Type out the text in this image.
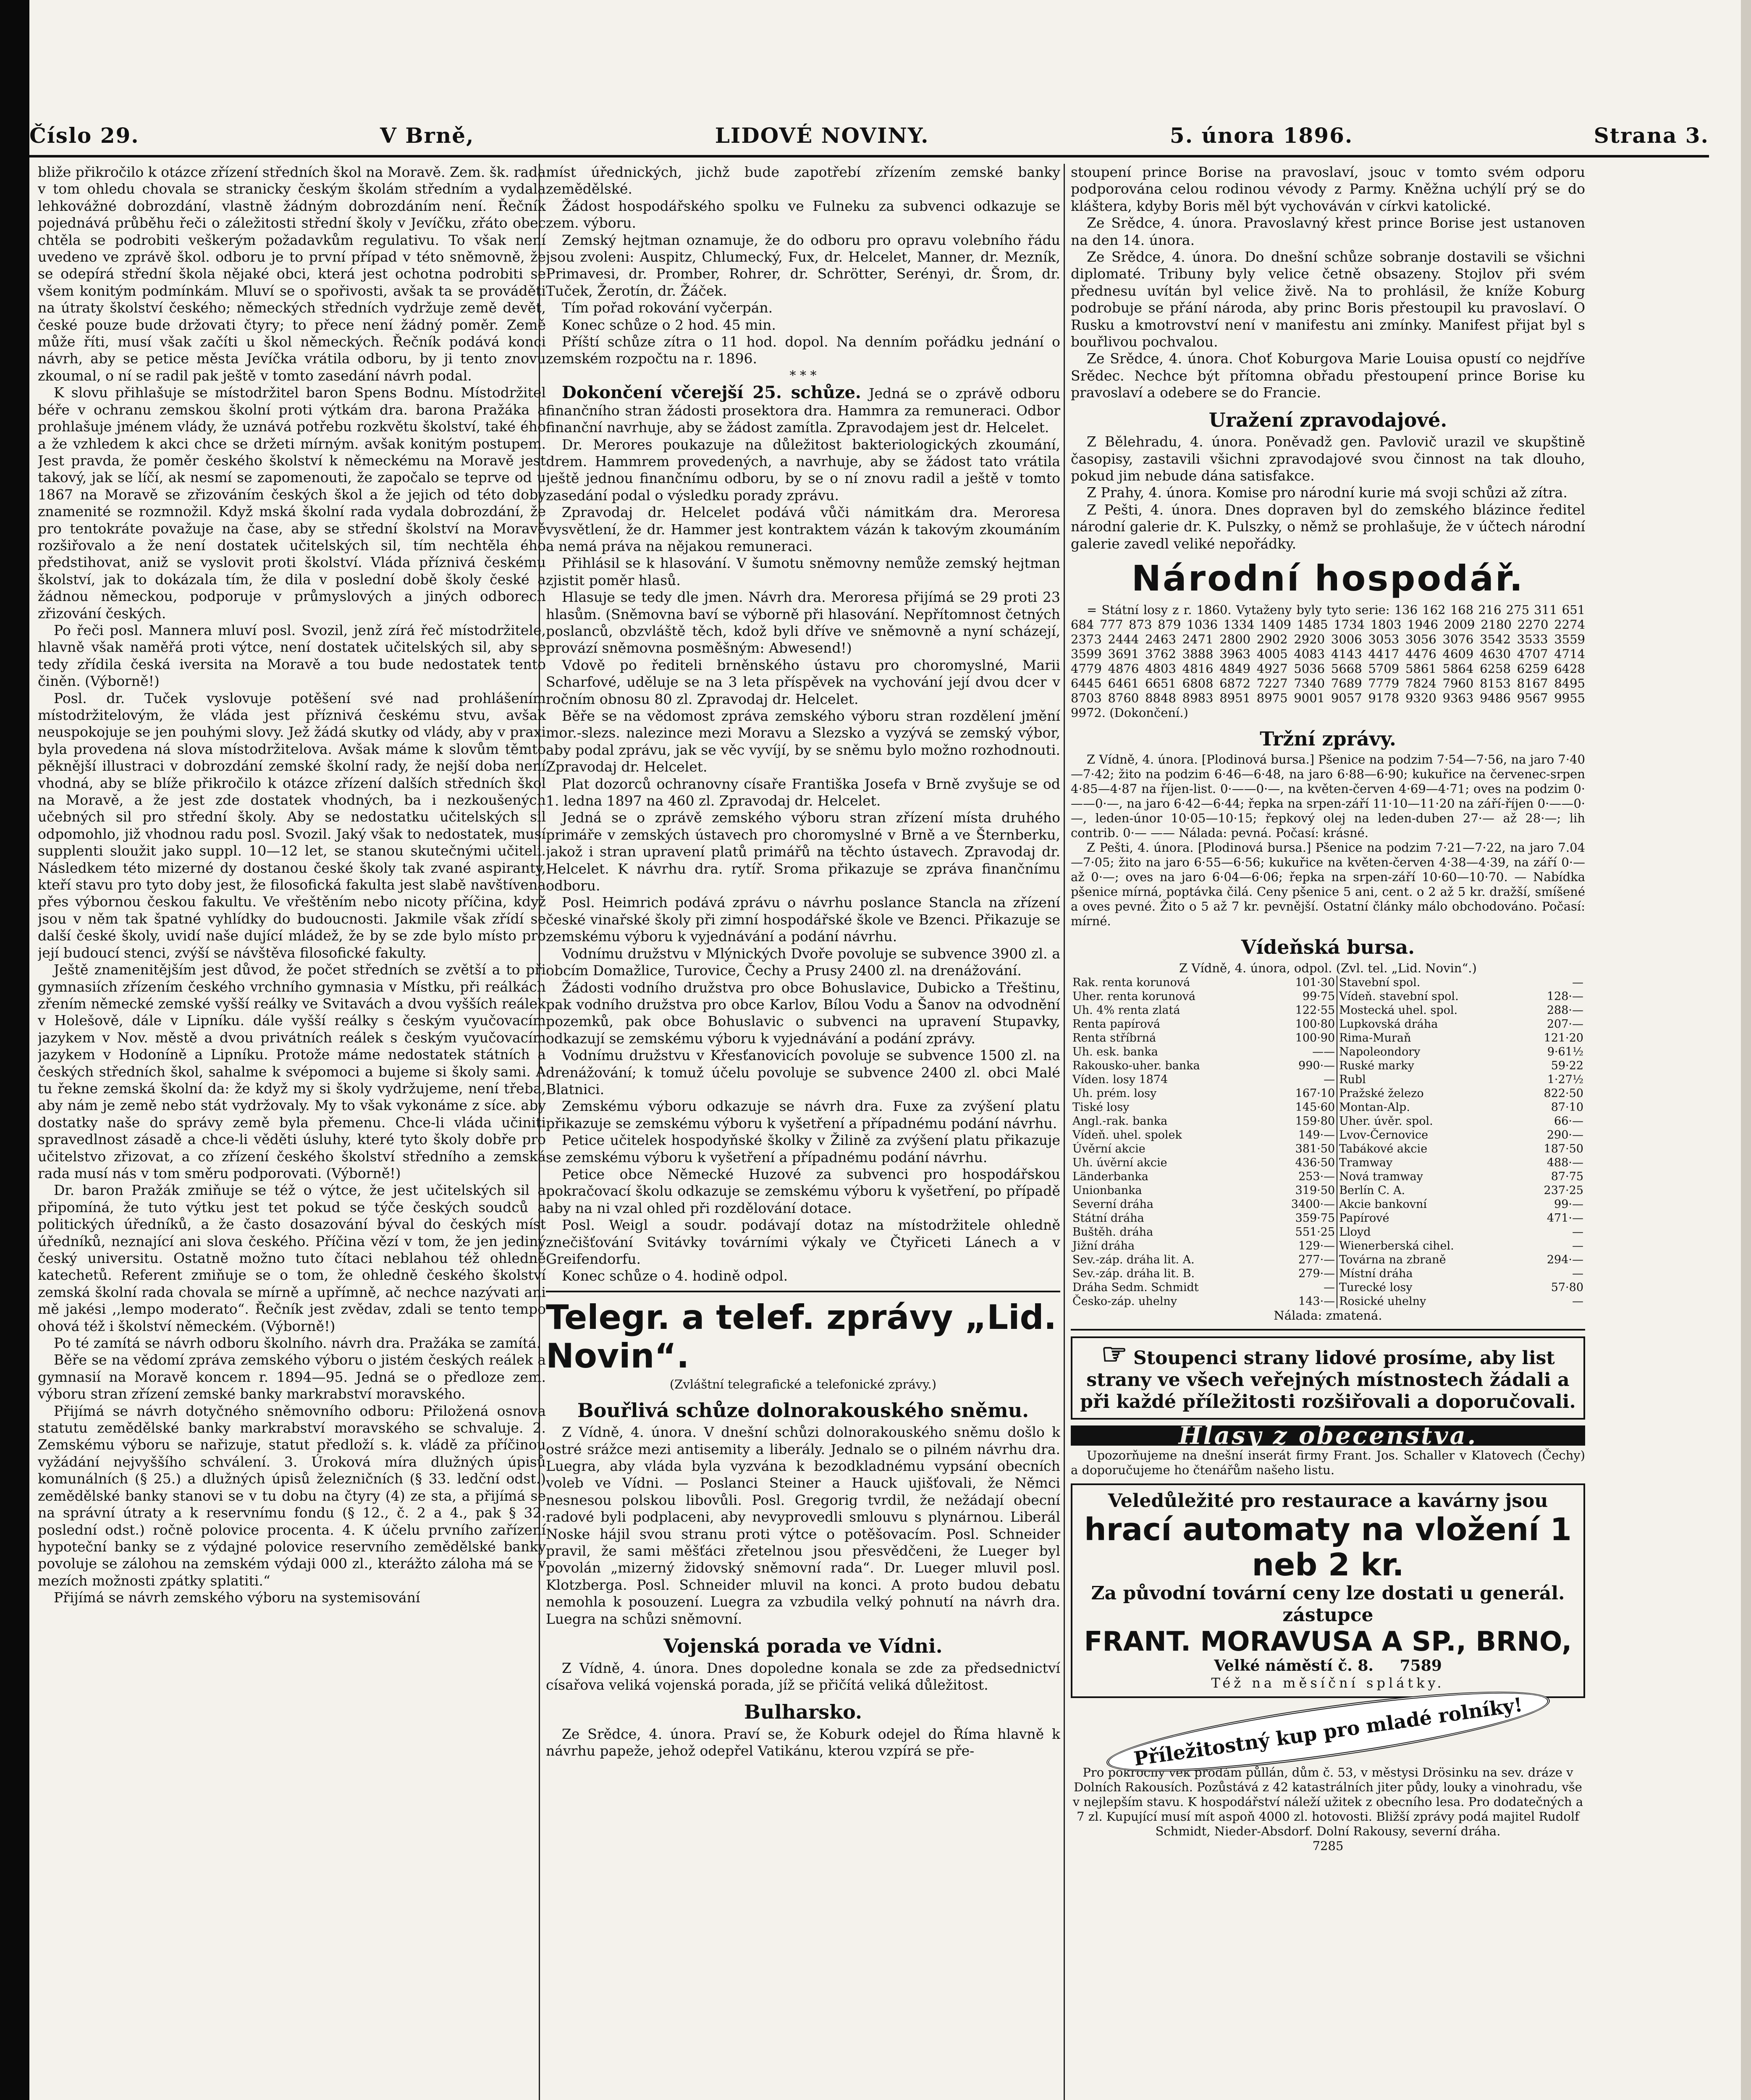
Číslo 29.	V Brně,	LIDOVÉ NOVINY.	5. února 1896.	Strana 3.

bliže přikročilo k otázce zřízení středních škol na Moravě. Zem. šk. rada v tom ohledu chovala se stranicky českým školám středním a vydala lehkovážné dobrozdání, vlastně žádným dobrozdáním není. Řečník pojednává průběhu řeči o záležitosti střední školy v Jevíčku, zřáto obec chtěla se podrobiti veškerým požadavkům regulativu. To však není uvedeno ve zprávě škol. odboru je to první případ v této sněmovně, že se odepírá střední škola nějaké obci, která jest ochotna podrobiti se všem konitým podmínkám. Mluví se o spořivosti, avšak ta se prováděti na útraty školství českého; německých středních vydržuje země devět, české pouze bude držovati čtyry; to přece není žádný poměr. Země může říti, musí však začíti u škol německých. Řečník podává konci návrh, aby se petice města Jevíčka vrátila odboru, by ji tento znovu zkoumal, o ní se radil pak ještě v tomto zasedání návrh podal.

K slovu přihlašuje se místodržitel baron Spens Bodnu. Místodržitel béře v ochranu zemskou školní proti výtkám dra. barona Pražáka a prohlašuje jménem vlády, že uznává potřebu rozkvětu školství, také ého a že vzhledem k akci chce se držeti mírným. avšak konitým postupem. Jest pravda, že poměr českého školství k německému na Moravě jest takový, jak se líčí, ak nesmí se zapomenouti, že započalo se teprve od u 1867 na Moravě se zřizováním českých škol a že jejich od této doby znamenité se rozmnožil. Když mská školní rada vydala dobrozdání, že pro tentokráte považuje na čase, aby se střední školství na Moravě rozšiřovalo a že není dostatek učitelských sil, tím nechtěla ého předstihovat, aniž se vyslovit proti školství. Vláda příznivá českému školství, jak to dokázala tím, že dila v poslední době školy české a žádnou německou, podporuje v průmyslových a jiných odborech zřizování českých.

Po řeči posl. Mannera mluví posl. Svozil, jenž zírá řeč místodržitele, hlavně však naměřá proti výtce, není dostatek učitelských sil, aby se tedy zřídila česká iversita na Moravě a tou bude nedostatek tento činěn. (Výborně!)

Posl. dr. Tuček vyslovuje potěšení své nad prohlášením místodržitelovým, že vláda jest příznivá českému stvu, avšak neuspokojuje se jen pouhými slovy. Jež žádá skutky od vlády, aby v praxi byla provedena ná slova místodržitelova. Avšak máme k slovům těmto pěknější illustraci v dobrozdání zemské školní rady, že nejší doba není vhodná, aby se blíže přikročilo k otázce zřízení dalších středních škol na Moravě, a že jest zde dostatek vhodných, ba i nezkoušených učebných sil pro střední školy. Aby se nedostatku učitelských sil odpomohlo, již vhodnou radu posl. Svozil. Jaký však to nedostatek, musí supplenti sloužit jako suppl. 10—12 let, se stanou skutečnými učiteli. Následkem této mizerné dy dostanou české školy tak zvané aspiranty, kteří stavu pro tyto doby jest, že filosofická fakulta jest slabě navštívena přes výbornou českou fakultu. Ve vřeštěním nebo nicoty příčina, když jsou v něm tak špatné vyhlídky do budoucnosti. Jakmile však zřídí se další české školy, uvidí naše dující mládež, že by se zde bylo místo pro její budoucí stenci, zvýší se návštěva filosofické fakulty.

Ještě znamenitějším jest důvod, že počet středních se zvětší a to při gymnasiích zřízením českého vrchního gymnasia v Místku, při reálkách zřením německé zemské vyšší reálky ve Svitavách a dvou vyšších reálek v Holešově, dále v Lipníku. dále vyšší reálky s českým vyučovacím jazykem v Nov. městě a dvou privátních reálek s českým vyučovacím jazykem v Hodoníně a Lipníku. Protože máme nedostatek státních a českých středních škol, sahalme k svépomoci a bujeme si školy sami. A tu řekne zemská školní da: že když my si školy vydržujeme, není třeba, aby nám je země nebo stát vydržovaly. My to však vykonáme z síce. aby dostatky naše do správy země byla přemenu. Chce-li vláda učiniti spravedlnost zásadě a chce-li věděti úsluhy, které tyto školy dobře pro učitelstvo zřizovat, a co zřízení českého školství středního a zemská rada musí nás v tom směru podporovati. (Výborně!)

Dr. baron Pražák zmiňuje se též o výtce, že jest učitelských sil a připomíná, že tuto výtku jest tet pokud se týče českých soudců a politických úředníků, a že často dosazování býval do českých míst úředníků, neznající ani slova českého. Příčina vězí v tom, že jen jediný český universitu. Ostatně možno tuto čítaci neblahou též ohledně katechetů. Referent zmiňuje se o tom, že ohledně českého školství zemská školní rada chovala se mírně a upřímně, ač nechce nazývati ani mě jakési ,,lempo moderato“. Řečník jest zvědav, zdali se tento tempo ohová též i školství německém. (Výborně!)

Po té zamítá se návrh odboru školního. návrh dra. Pražáka se zamítá.

Běře se na vědomí zpráva zemského výboru o jistém českých reálek a gymnasií na Moravě koncem r. 1894—95. Jedná se o předloze zem. výboru stran zřízení zemské banky markrabství moravského.

Přijímá se návrh dotyčného sněmovního odboru: Přiložená osnova statutu zemědělské banky markrabství moravského se schvaluje. 2. Zemskému výboru se nařizuje, statut předloží s. k. vládě za příčinou vyžádání nejvyššího schválení. 3. Úroková míra dlužných úpisů komunálních (§ 25.) a dlužných úpisů železničních (§ 33. ledční odst.) zemědělské banky stanovi se v tu dobu na čtyry (4) ze sta, a přijímá se na správní útraty a k reservnímu fondu (§ 12., č. 2 a 4., pak § 32. poslední odst.) ročně polovice procenta. 4. K účelu prvního zařízení hypoteční banky se z výdajné polovice reservního zemědělské banky povoluje se zálohou na zemském výdaji 000 zl., kterážto záloha má se v mezích možnosti zpátky splatiti.“

Přijímá se návrh zemského výboru na systemisování

míst úřednických, jichž bude zapotřebí zřízením zemské banky zemědělské.

Žádost hospodářského spolku ve Fulneku za subvenci odkazuje se zem. výboru.

Zemský hejtman oznamuje, že do odboru pro opravu volebního řádu jsou zvoleni: Auspitz, Chlumecký, Fux, dr. Helcelet, Manner, dr. Mezník, Primavesi, dr. Promber, Rohrer, dr. Schrötter, Serényi, dr. Šrom, dr. Tuček, Žerotín, dr. Žáček.

Tím pořad rokování vyčerpán.

Konec schůze o 2 hod. 45 min.

Příští schůze zítra o 11 hod. dopol. Na denním pořádku jednání o zemském rozpočtu na r. 1896.

* * *

Dokončení včerejší 25. schůze. Jedná se o zprávě odboru finančního stran žádosti prosektora dra. Hammra za remuneraci. Odbor finanční navrhuje, aby se žádost zamítla. Zpravodajem jest dr. Helcelet.

Dr. Merores poukazuje na důležitost bakteriologických zkoumání, drem. Hammrem provedených, a navrhuje, aby se žádost tato vrátila ještě jednou finančnímu odboru, by se o ní znovu radil a ještě v tomto zasedání podal o výsledku porady zprávu.

Zpravodaj dr. Helcelet podává vůči námitkám dra. Meroresa vysvětlení, že dr. Hammer jest kontraktem vázán k takovým zkoumáním a nemá práva na nějakou remuneraci.

Přihlásil se k hlasování. V šumotu sněmovny nemůže zemský hejtman zjistit poměr hlasů.

Hlasuje se tedy dle jmen. Návrh dra. Meroresa přijímá se 29 proti 23 hlasům. (Sněmovna baví se výborně při hlasování. Nepřítomnost četných poslanců, obzvláště těch, kdož byli dříve ve sněmovně a nyní scházejí, provází sněmovna posměšným: Abwesend!)

Vdově po řediteli brněnského ústavu pro choromyslné, Marii Scharfové, uděluje se na 3 leta příspěvek na vychování její dvou dcer v ročním obnosu 80 zl. Zpravodaj dr. Helcelet.

Běře se na vědomost zpráva zemského výboru stran rozdělení jmění mor.-slezs. nalezince mezi Moravu a Slezsko a vyzývá se zemský výbor, aby podal zprávu, jak se věc vyvíjí, by se sněmu bylo možno rozhodnouti. Zpravodaj dr. Helcelet.

Plat dozorců ochranovny císaře Františka Josefa v Brně zvyšuje se od 1. ledna 1897 na 460 zl. Zpravodaj dr. Helcelet.

Jedná se o zprávě zemského výboru stran zřízení místa druhého primáře v zemských ústavech pro choromyslné v Brně a ve Šternberku, jakož i stran upravení platů primářů na těchto ústavech. Zpravodaj dr. Helcelet. K návrhu dra. rytíř. Sroma přikazuje se zpráva finančnímu odboru.

Posl. Heimrich podává zprávu o návrhu poslance Stancla na zřízení české vinařské školy při zimní hospodářské škole ve Bzenci. Přikazuje se zemskému výboru k vyjednávání a podání návrhu.

Vodnímu družstvu v Mlýnických Dvoře povoluje se subvence 3900 zl. a obcím Domažlice, Turovice, Čechy a Prusy 2400 zl. na drenážování.

Žádosti vodního družstva pro obce Bohuslavice, Dubicko a Třeštinu, pak vodního družstva pro obce Karlov, Bílou Vodu a Šanov na odvodnění pozemků, pak obce Bohuslavic o subvenci na upravení Stupavky, odkazují se zemskému výboru k vyjednávání a podání zprávy.

Vodnímu družstvu v Křesťanovicích povoluje se subvence 1500 zl. na drenážování; k tomuž účelu povoluje se subvence 2400 zl. obci Malé Blatnici.

Zemskému výboru odkazuje se návrh dra. Fuxe za zvýšení platu přikazuje se zemskému výboru k vyšetření a případnému podání návrhu.

Petice učitelek hospodyňské školky v Žilině za zvýšení platu přikazuje se zemskému výboru k vyšetření a případnému podání návrhu.

Petice obce Německé Huzové za subvenci pro hospodářskou pokračovací školu odkazuje se zemskému výboru k vyšetření, po případě aby na ni vzal ohled při rozdělování dotace.

Posl. Weigl a soudr. podávají dotaz na místodržitele ohledně znečišťování Svitávky továrními výkaly ve Čtyřiceti Lánech a v Greifendorfu.

Konec schůze o 4. hodině odpol.

Telegr. a telef. zprávy „Lid. Novin“.
(Zvláštní telegrafické a telefonické zprávy.)
Bouřlivá schůze dolnorakouského sněmu.

Z Vídně, 4. února. V dnešní schůzi dolnorakouského sněmu došlo k ostré srážce mezi antisemity a liberály. Jednalo se o pilném návrhu dra. Luegra, aby vláda byla vyzvána k bezodkladnému vypsání obecních voleb ve Vídni. — Poslanci Steiner a Hauck ujišťovali, že Němci nesnesou polskou libovůli. Posl. Gregorig tvrdil, že nežádají obecní radové byli podplaceni, aby nevyprovedli smlouvu s plynárnou. Liberál Noske hájil svou stranu proti výtce o potěšovacím. Posl. Schneider pravil, že sami měšťáci zřetelnou jsou přesvědčeni, že Lueger byl povolán „mizerný židovský sněmovní rada“. Dr. Lueger mluvil posl. Klotzberga. Posl. Schneider mluvil na konci. A proto budou debatu nemohla k posouzení. Luegra za vzbudila velký pohnutí na návrh dra. Luegra na schůzi sněmovní.

Vojenská porada ve Vídni.

Z Vídně, 4. února. Dnes dopoledne konala se zde za předsednictví císařova veliká vojenská porada, jíž se přičítá veliká důležitost.

Bulharsko.

Ze Srědce, 4. února. Praví se, že Koburk odejel do Říma hlavně k návrhu papeže, jehož odepřel Vatikánu, kterou vzpírá se pře-

stoupení prince Borise na pravoslaví, jsouc v tomto svém odporu podporována celou rodinou vévody z Parmy. Kněžna uchýlí prý se do kláštera, kdyby Boris měl být vychováván v církvi katolické.

Ze Srědce, 4. února. Pravoslavný křest prince Borise jest ustanoven na den 14. února.

Ze Srědce, 4. února. Do dnešní schůze sobranje dostavili se všichni diplomaté. Tribuny byly velice četně obsazeny. Stojlov při svém přednesu uvítán byl velice živě. Na to prohlásil, že kníže Koburg podrobuje se přání národa, aby princ Boris přestoupil ku pravoslaví. O Rusku a kmotrovství není v manifestu ani zmínky. Manifest přijat byl s bouřlivou pochvalou.

Ze Srědce, 4. února. Choť Koburgova Marie Louisa opustí co nejdříve Srědec. Nechce být přítomna obřadu přestoupení prince Borise ku pravoslaví a odebere se do Francie.

Uražení zpravodajové.

Z Bělehradu, 4. února. Poněvadž gen. Pavlovič urazil ve skupštině časopisy, zastavili všichni zpravodajové svou činnost na tak dlouho, pokud jim nebude dána satisfakce.

Z Prahy, 4. února. Komise pro národní kurie má svoji schůzi až zítra.

Z Pešti, 4. února. Dnes dopraven byl do zemského blázince ředitel národní galerie dr. K. Pulszky, o němž se prohlašuje, že v účtech národní galerie zavedl veliké nepořádky.

Národní hospodář.

= Státní losy z r. 1860. Vytaženy byly tyto serie: 136 162 168 216 275 311 651 684 777 873 879 1036 1334 1409 1485 1734 1803 1946 2009 2180 2270 2274 2373 2444 2463 2471 2800 2902 2920 3006 3053 3056 3076 3542 3533 3559 3599 3691 3762 3888 3963 4005 4083 4143 4417 4476 4609 4630 4707 4714 4779 4876 4803 4816 4849 4927 5036 5668 5709 5861 5864 6258 6259 6428 6445 6461 6651 6808 6872 7227 7340 7689 7779 7824 7960 8153 8167 8495 8703 8760 8848 8983 8951 8975 9001 9057 9178 9320 9363 9486 9567 9955 9972. (Dokončení.)

Tržní zprávy.

Z Vídně, 4. února. [Plodinová bursa.] Pšenice na podzim 7·54—7·56, na jaro 7·40—7·42; žito na podzim 6·46—6·48, na jaro 6·88—6·90; kukuřice na červenec-srpen 4·85—4·87 na říjen-list. 0·——0·—, na květen-červen 4·69—4·71; oves na podzim 0·——0·—, na jaro 6·42—6·44; řepka na srpen-září 11·10—11·20 na září-říjen 0·——0·—, leden-únor 10·05—10·15; řepkový olej na leden-duben 27·— až 28·—; lih contrib. 0·— —— Nálada: pevná. Počasí: krásné.

Z Pešti, 4. února. [Plodinová bursa.] Pšenice na podzim 7·21—7·22, na jaro 7.04—7·05; žito na jaro 6·55—6·56; kukuřice na květen-červen 4·38—4·39, na září 0·— až 0·—; oves na jaro 6·04—6·06; řepka na srpen-září 10·60—10·70. — Nabídka pšenice mírná, poptávka čilá. Ceny pšenice 5 ani, cent. o 2 až 5 kr. dražší, smíšené a oves pevné. Žito o 5 až 7 kr. pevnější. Ostatní články málo obchodováno. Počasí: mírné.

Vídeňská bursa.
Z Vídně, 4. února, odpol. (Zvl. tel. „Lid. Novin“.)
Rak. renta korunová	101·30	Stavební spol.	—
Uher. renta korunová	99·75	Vídeň. stavební spol.	128·—
Uh. 4% renta zlatá	122·55	Mostecká uhel. spol.	288·—
Renta papírová	100·80	Lupkovská dráha	207·—
Renta stříbrná	100·90	Rima-Muraň	121·20
Uh. esk. banka	——	Napoleondory	9·61½
Rakousko-uher. banka	990·—	Ruské marky	59·22
Víden. losy 1874	—	Rubl	1·27½
Uh. prém. losy	167·10	Pražské železo	822·50
Tiské losy	145·60	Montan-Alp.	87·10
Angl.-rak. banka	159·80	Uher. úvěr. spol.	66·—
Vídeň. uhel. spolek	149·—	Lvov-Černovice	290·—
Úvěrní akcie	381·50	Tabákové akcie	187·50
Uh. úvěrní akcie	436·50	Tramway	488·—
Länderbanka	253·—	Nová tramway	87·75
Unionbanka	319·50	Berlín C. A.	237·25
Severní dráha	3400·—	Akcie bankovní	99·—
Státní dráha	359·75	Papírové	471·—
Buštěh. dráha	551·25	Lloyd	—
Jižní dráha	129·—	Wienerberská cihel.	—
Sev.-záp. dráha lit. A.	277·—	Továrna na zbraně	294·—
Sev.-záp. dráha lit. B.	279·—	Místní dráha	—
Dráha Sedm. Schmidt	—	Turecké losy	57·80
Česko-záp. uhelny	143·—	Rosické uhelny	—
Nálada: zmatená.
☞ Stoupenci strany lidové prosíme, aby list strany ve všech veřejných místnostech žádali a při každé příležitosti rozšiřovali a doporučovali.
Hlasy z obecenstva.

Upozorňujeme na dnešní inserát firmy Frant. Jos. Schaller v Klatovech (Čechy) a doporučujeme ho čtenářům našeho listu.

Veledůležité pro restaurace a kavárny jsou
hrací automaty na vložení 1 neb 2 kr.
Za původní tovární ceny lze dostati u generál. zástupce
FRANT. MORAVUSA A SP., BRNO,
Velké náměstí č. 8. 7589
Též na měsíční splátky.
Příležitostný kup pro mladé rolníky!

Pro pokročilý věk prodám půllán, dům č. 53, v městysi Drösinku na sev. dráze v Dolních Rakousích. Pozůstává z 42 katastrálních jiter půdy, louky a vinohradu, vše v nejlepším stavu. K hospodářství náleží užitek z obecního lesa. Pro dodatečných a 7 zl. Kupující musí mít aspoň 4000 zl. hotovosti. Bližší zprávy podá majitel Rudolf Schmidt, Nieder-Absdorf. Dolní Rakousy, severní dráha.

7285
